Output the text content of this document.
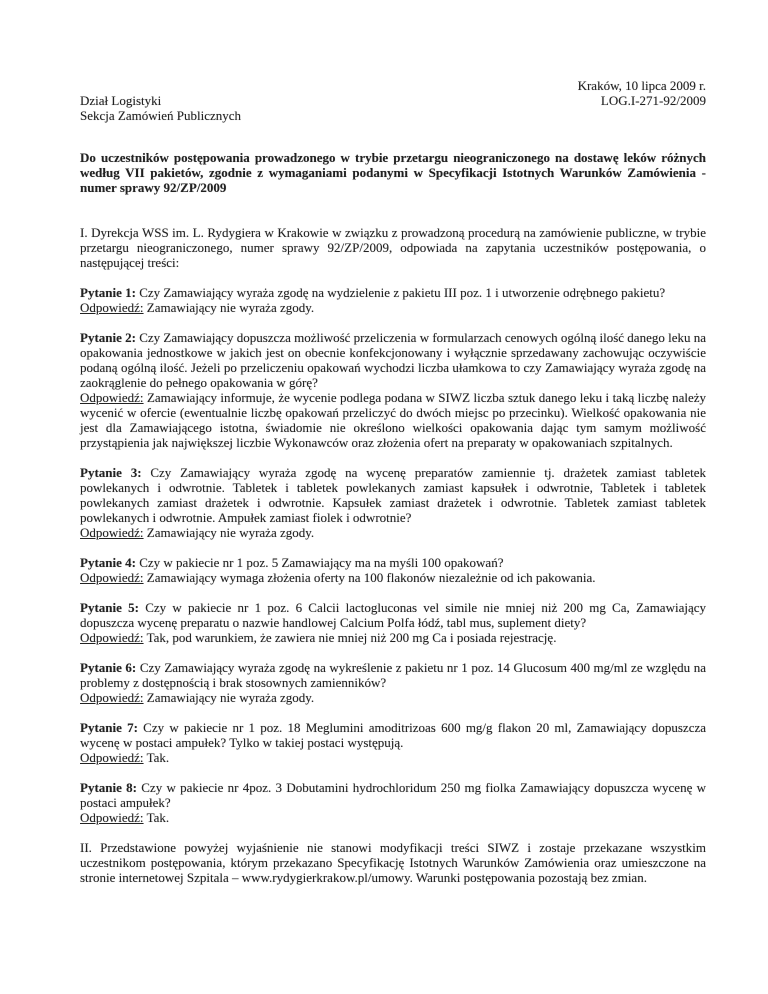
Dział Logistyki

Sekcja Zamówień Publicznych

Kraków, 10 lipca 2009 r.

LOG.I-271-92/2009

Do uczestników postępowania prowadzonego w trybie przetargu nieograniczonego na dostawę leków różnych według VII pakietów, zgodnie z wymaganiami podanymi w Specyfikacji Istotnych Warunków Zamówienia - numer sprawy 92/ZP/2009

I. Dyrekcja WSS im. L. Rydygiera w Krakowie w związku z prowadzoną procedurą na zamówienie publiczne, w trybie przetargu nieograniczonego, numer sprawy 92/ZP/2009, odpowiada na zapytania uczestników postępowania, o następującej treści:

Pytanie 1: Czy Zamawiający wyraża zgodę na wydzielenie z pakietu III poz. 1 i utworzenie odrębnego pakietu?

Odpowiedź: Zamawiający nie wyraża zgody.

Pytanie 2: Czy Zamawiający dopuszcza możliwość przeliczenia w formularzach cenowych ogólną ilość danego leku na opakowania jednostkowe w jakich jest on obecnie konfekcjonowany i wyłącznie sprzedawany zachowując oczywiście podaną ogólną ilość. Jeżeli po przeliczeniu opakowań wychodzi liczba ułamkowa to czy Zamawiający wyraża zgodę na zaokrąglenie do pełnego opakowania w górę?

Odpowiedź: Zamawiający informuje, że wycenie podlega podana w SIWZ liczba sztuk danego leku i taką liczbę należy wycenić w ofercie (ewentualnie liczbę opakowań przeliczyć do dwóch miejsc po przecinku). Wielkość opakowania nie jest dla Zamawiającego istotna, świadomie nie określono wielkości opakowania dając tym samym możliwość przystąpienia jak największej liczbie Wykonawców oraz złożenia ofert na preparaty w opakowaniach szpitalnych.

Pytanie 3: Czy Zamawiający wyraża zgodę na wycenę preparatów zamiennie tj. drażetek zamiast tabletek powlekanych i odwrotnie. Tabletek i tabletek powlekanych zamiast kapsułek i odwrotnie, Tabletek i tabletek powlekanych zamiast drażetek i odwrotnie. Kapsułek zamiast drażetek i odwrotnie. Tabletek zamiast tabletek powlekanych i odwrotnie. Ampułek zamiast fiolek i odwrotnie?

Odpowiedź: Zamawiający nie wyraża zgody.

Pytanie 4: Czy w pakiecie nr 1 poz. 5 Zamawiający ma na myśli 100 opakowań?

Odpowiedź: Zamawiający wymaga złożenia oferty na 100 flakonów niezależnie od ich pakowania.

Pytanie 5: Czy w pakiecie nr 1 poz. 6 Calcii lactogluconas vel simile nie mniej niż 200 mg Ca, Zamawiający dopuszcza wycenę preparatu o nazwie handlowej Calcium Polfa łódź, tabl mus, suplement diety?

Odpowiedź: Tak, pod warunkiem, że zawiera nie mniej niż 200 mg Ca i posiada rejestrację.

Pytanie 6: Czy Zamawiający wyraża zgodę na wykreślenie z pakietu nr 1 poz. 14 Glucosum 400 mg/ml ze względu na problemy z dostępnością i brak stosownych zamienników?

Odpowiedź: Zamawiający nie wyraża zgody.

Pytanie 7: Czy w pakiecie nr 1 poz. 18 Meglumini amoditrizoas 600 mg/g flakon 20 ml, Zamawiający dopuszcza wycenę w postaci ampułek? Tylko w takiej postaci występują.

Odpowiedź: Tak.

Pytanie 8: Czy w pakiecie nr 4poz. 3 Dobutamini hydrochloridum 250 mg fiolka Zamawiający dopuszcza wycenę w postaci ampułek?

Odpowiedź: Tak.

II. Przedstawione powyżej wyjaśnienie nie stanowi modyfikacji treści SIWZ i zostaje przekazane wszystkim uczestnikom postępowania, którym przekazano Specyfikację Istotnych Warunków Zamówienia oraz umieszczone na stronie internetowej Szpitala – www.rydygierkrakow.pl/umowy. Warunki postępowania pozostają bez zmian.
